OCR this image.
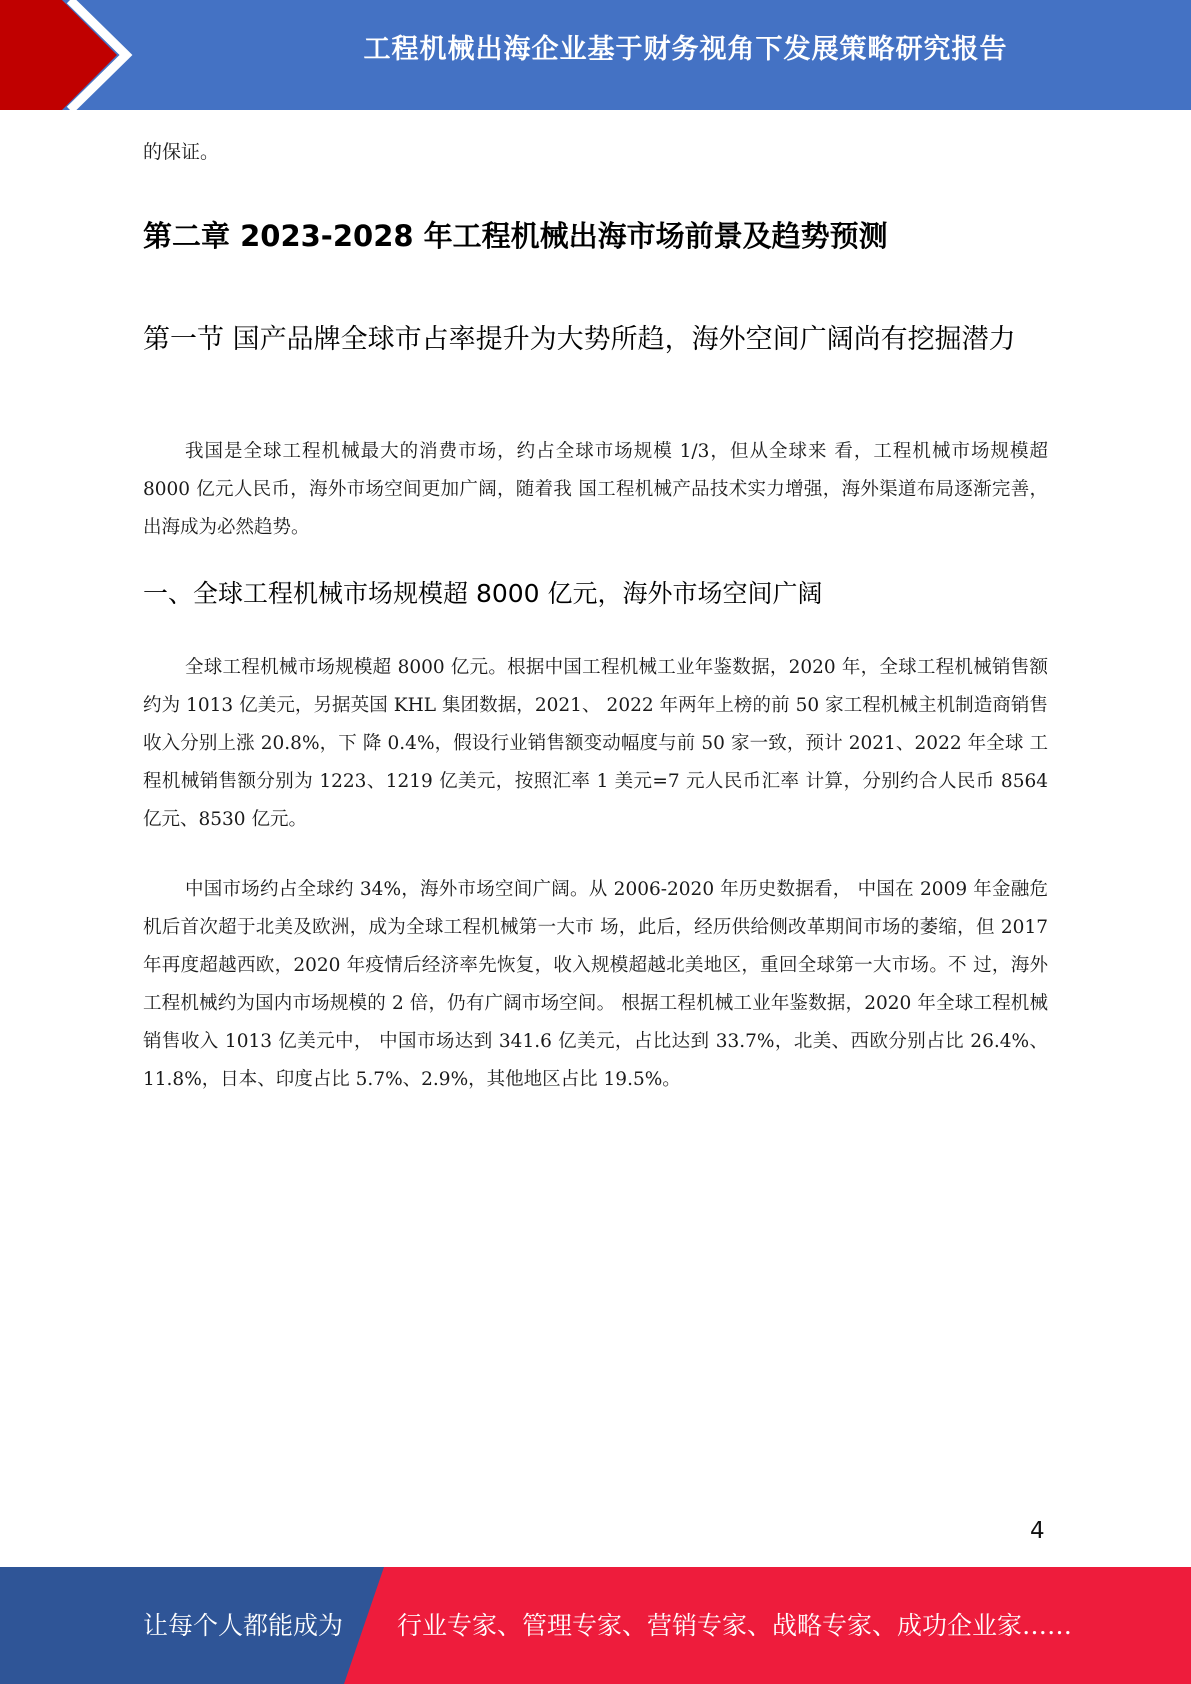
工程机械出海企业基于财务视角下发展策略研究报告
的保证。
第二章 2023-2028 年工程机械出海市场前景及趋势预测
第一节 国产品牌全球市占率提升为大势所趋，海外空间广阔尚有挖掘潜力

我国是全球工程机械最大的消费市场，约占全球市场规模 1/3，但从全球来 看，工程机械市场规模超 8000 亿元人民币，海外市场空间更加广阔，随着我 国工程机械产品技术实力增强，海外渠道布局逐渐完善，出海成为必然趋势。

一、全球工程机械市场规模超 8000 亿元，海外市场空间广阔

全球工程机械市场规模超 8000 亿元。根据中国工程机械工业年鉴数据，2020 年，全球工程机械销售额约为 1013 亿美元，另据英国 KHL 集团数据，2021、 2022 年两年上榜的前 50 家工程机械主机制造商销售收入分别上涨 20.8%，下 降 0.4%，假设行业销售额变动幅度与前 50 家一致，预计 2021、2022 年全球 工程机械销售额分别为 1223、1219 亿美元，按照汇率 1 美元=7 元人民币汇率 计算，分别约合人民币 8564 亿元、8530 亿元。

中国市场约占全球约 34%，海外市场空间广阔。从 2006-2020 年历史数据看， 中国在 2009 年金融危机后首次超于北美及欧洲，成为全球工程机械第一大市 场，此后，经历供给侧改革期间市场的萎缩，但 2017 年再度超越西欧，2020 年疫情后经济率先恢复，收入规模超越北美地区，重回全球第一大市场。不 过，海外工程机械约为国内市场规模的 2 倍，仍有广阔市场空间。 根据工程机械工业年鉴数据，2020 年全球工程机械销售收入 1013 亿美元中， 中国市场达到 341.6 亿美元，占比达到 33.7%，北美、西欧分别占比 26.4%、 11.8%，日本、印度占比 5.7%、2.9%，其他地区占比 19.5%。

4
让每个人都能成为 行业专家、管理专家、营销专家、战略专家、成功企业家……
